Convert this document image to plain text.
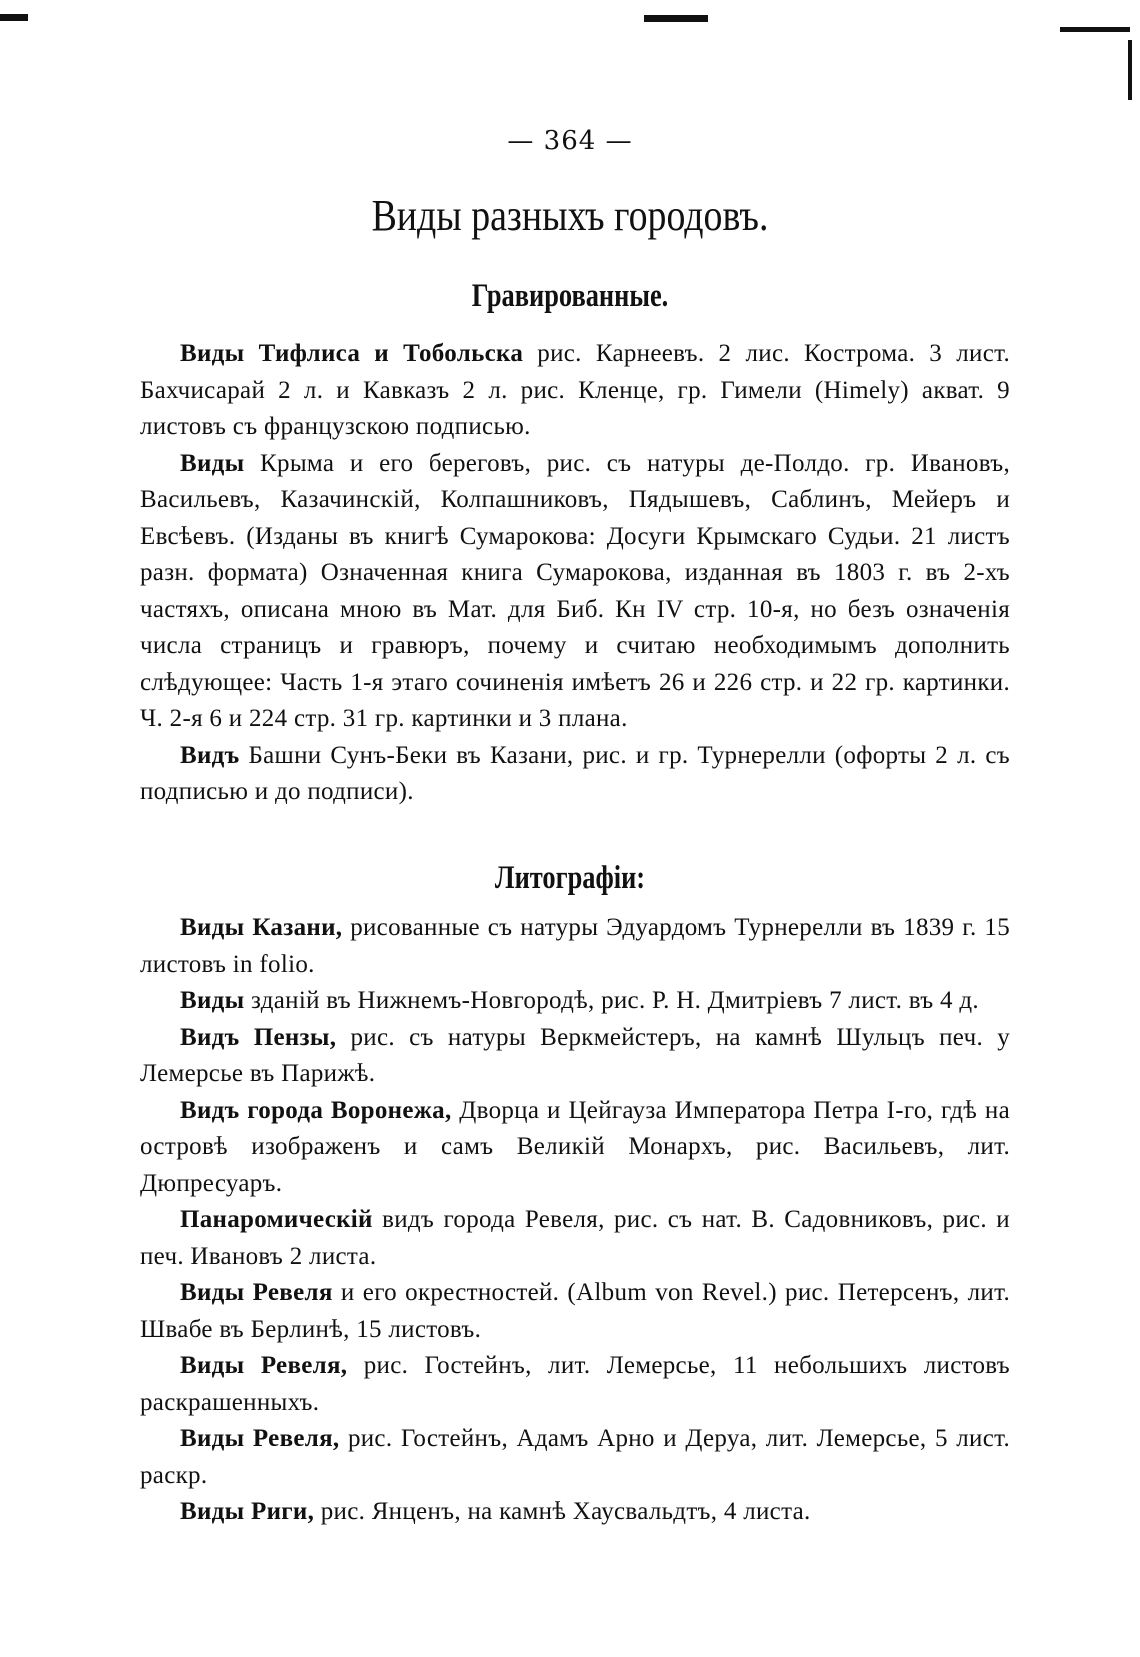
— 364 —
Виды разныхъ городовъ.
Гравированные.

Виды Тифлиса и Тобольска рис. Карнеевъ. 2 лис. Кострома. 3 лист. Бахчисарай 2 л. и Кавказъ 2 л. рис. Кленце, гр. Гимели (Himely) акват. 9 листовъ съ французскою подписью.

Виды Крыма и его береговъ, рис. съ натуры де-Полдо. гр. Ивановъ, Васильевъ, Казачинскій, Колпашниковъ, Пядышевъ, Саблинъ, Мейеръ и Евсѣевъ. (Изданы въ книгѣ Сумарокова: Досуги Крымскаго Судьи. 21 листъ разн. формата) Означенная книга Сумарокова, изданная въ 1803 г. въ 2-хъ частяхъ, описана мною въ Мат. для Биб. Кн IV стр. 10-я, но безъ означенія числа страницъ и гравюръ, почему и считаю необходимымъ дополнить слѣдующее: Часть 1-я этаго сочиненія имѣетъ 26 и 226 стр. и 22 гр. картинки. Ч. 2-я 6 и 224 стр. 31 гр. картинки и 3 плана.

Видъ Башни Сунъ-Беки въ Казани, рис. и гр. Турнерелли (офорты 2 л. съ подписью и до подписи).

Литографіи:

Виды Казани, рисованные съ натуры Эдуардомъ Турнерелли въ 1839 г. 15 листовъ in folio.

Виды зданій въ Нижнемъ-Новгородѣ, рис. Р. Н. Дмитріевъ 7 лист. въ 4 д.

Видъ Пензы, рис. съ натуры Веркмейстеръ, на камнѣ Шульцъ печ. у Лемерсье въ Парижѣ.

Видъ города Воронежа, Дворца и Цейгауза Императора Петра I-го, гдѣ на островѣ изображенъ и самъ Великій Монархъ, рис. Васильевъ, лит. Дюпресуаръ.

Панаромическій видъ города Ревеля, рис. съ нат. В. Садовниковъ, рис. и печ. Ивановъ 2 листа.

Виды Ревеля и его окрестностей. (Album von Revel.) рис. Петерсенъ, лит. Швабе въ Берлинѣ, 15 листовъ.

Виды Ревеля, рис. Гостейнъ, лит. Лемерсье, 11 небольшихъ листовъ раскрашенныхъ.

Виды Ревеля, рис. Гостейнъ, Адамъ Арно и Деруа, лит. Лемерсье, 5 лист. раскр.

Виды Риги, рис. Янценъ, на камнѣ Хаусвальдтъ, 4 листа.
